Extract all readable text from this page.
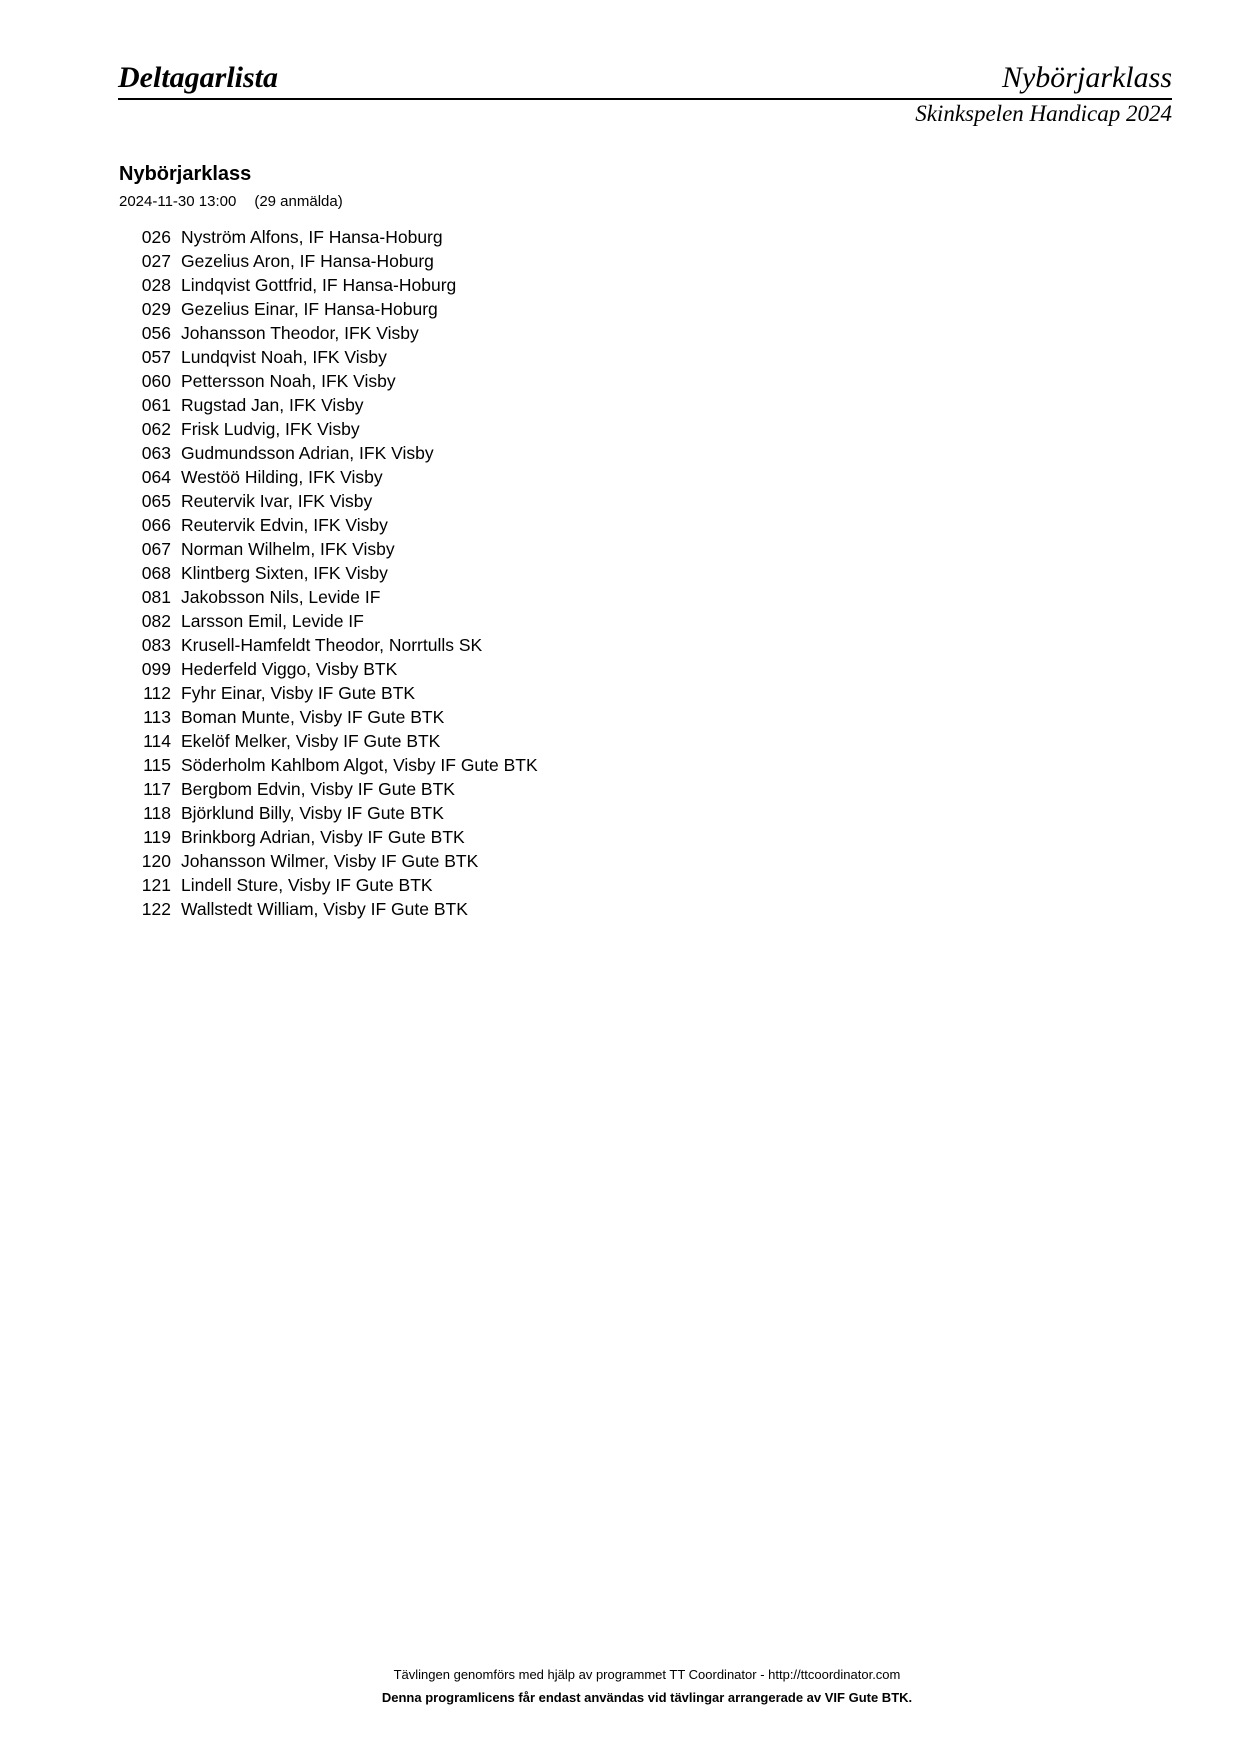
Deltagarlista	Nybörjarklass
Skinkspelen Handicap 2024
Nybörjarklass
2024-11-30 13:00 (29 anmälda)
026 Nyström Alfons, IF Hansa-Hoburg
027 Gezelius Aron, IF Hansa-Hoburg
028 Lindqvist Gottfrid, IF Hansa-Hoburg
029 Gezelius Einar, IF Hansa-Hoburg
056 Johansson Theodor, IFK Visby
057 Lundqvist Noah, IFK Visby
060 Pettersson Noah, IFK Visby
061 Rugstad Jan, IFK Visby
062 Frisk Ludvig, IFK Visby
063 Gudmundsson Adrian, IFK Visby
064 Westöö Hilding, IFK Visby
065 Reutervik Ivar, IFK Visby
066 Reutervik Edvin, IFK Visby
067 Norman Wilhelm, IFK Visby
068 Klintberg Sixten, IFK Visby
081 Jakobsson Nils, Levide IF
082 Larsson Emil, Levide IF
083 Krusell-Hamfeldt Theodor, Norrtulls SK
099 Hederfeld Viggo, Visby BTK
112 Fyhr Einar, Visby IF Gute BTK
113 Boman Munte, Visby IF Gute BTK
114 Ekelöf Melker, Visby IF Gute BTK
115 Söderholm Kahlbom Algot, Visby IF Gute BTK
117 Bergbom Edvin, Visby IF Gute BTK
118 Björklund Billy, Visby IF Gute BTK
119 Brinkborg Adrian, Visby IF Gute BTK
120 Johansson Wilmer, Visby IF Gute BTK
121 Lindell Sture, Visby IF Gute BTK
122 Wallstedt William, Visby IF Gute BTK
Tävlingen genomförs med hjälp av programmet TT Coordinator - http://ttcoordinator.com
Denna programlicens får endast användas vid tävlingar arrangerade av VIF Gute BTK.
